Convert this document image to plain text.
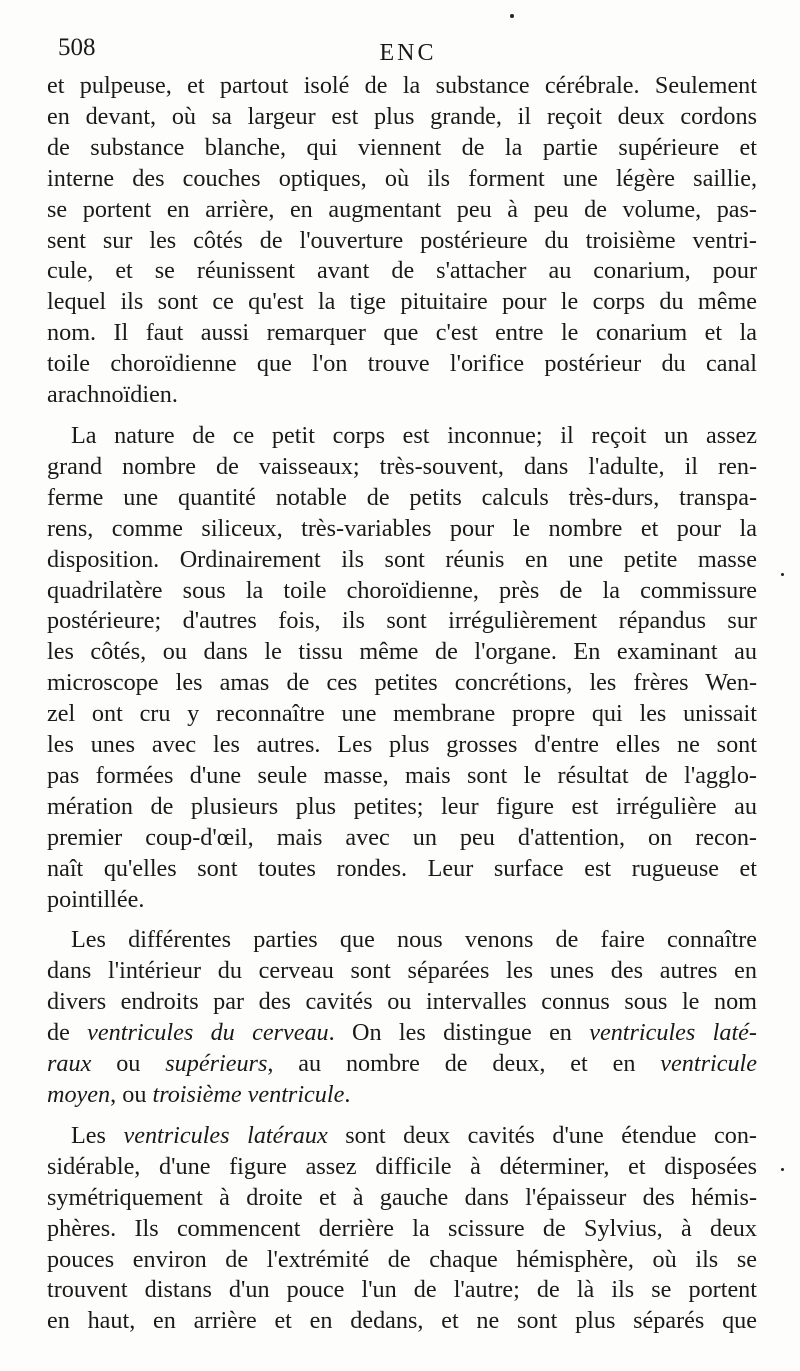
508	ENC

et pulpeuse, et partout isolé de la substance cérébrale. Seulement
en devant, où sa largeur est plus grande, il reçoit deux cordons
de substance blanche, qui viennent de la partie supérieure et
interne des couches optiques, où ils forment une légère saillie,
se portent en arrière, en augmentant peu à peu de volume, pas-
sent sur les côtés de l'ouverture postérieure du troisième ventri-
cule, et se réunissent avant de s'attacher au conarium, pour
lequel ils sont ce qu'est la tige pituitaire pour le corps du même
nom. Il faut aussi remarquer que c'est entre le conarium et la
toile choroïdienne que l'on trouve l'orifice postérieur du canal
arachnoïdien.

La nature de ce petit corps est inconnue; il reçoit un assez
grand nombre de vaisseaux; très-souvent, dans l'adulte, il ren-
ferme une quantité notable de petits calculs très-durs, transpa-
rens, comme siliceux, très-variables pour le nombre et pour la
disposition. Ordinairement ils sont réunis en une petite masse
quadrilatère sous la toile choroïdienne, près de la commissure
postérieure; d'autres fois, ils sont irrégulièrement répandus sur
les côtés, ou dans le tissu même de l'organe. En examinant au
microscope les amas de ces petites concrétions, les frères Wen-
zel ont cru y reconnaître une membrane propre qui les unissait
les unes avec les autres. Les plus grosses d'entre elles ne sont
pas formées d'une seule masse, mais sont le résultat de l'agglo-
mération de plusieurs plus petites; leur figure est irrégulière au
premier coup-d'œil, mais avec un peu d'attention, on recon-
naît qu'elles sont toutes rondes. Leur surface est rugueuse et
pointillée.

Les différentes parties que nous venons de faire connaître
dans l'intérieur du cerveau sont séparées les unes des autres en
divers endroits par des cavités ou intervalles connus sous le nom
de ventricules du cerveau. On les distingue en ventricules laté-
raux ou supérieurs, au nombre de deux, et en ventricule
moyen, ou troisième ventricule.

Les ventricules latéraux sont deux cavités d'une étendue con-
sidérable, d'une figure assez difficile à déterminer, et disposées
symétriquement à droite et à gauche dans l'épaisseur des hémis-
phères. Ils commencent derrière la scissure de Sylvius, à deux
pouces environ de l'extrémité de chaque hémisphère, où ils se
trouvent distans d'un pouce l'un de l'autre; de là ils se portent
en haut, en arrière et en dedans, et ne sont plus séparés que
